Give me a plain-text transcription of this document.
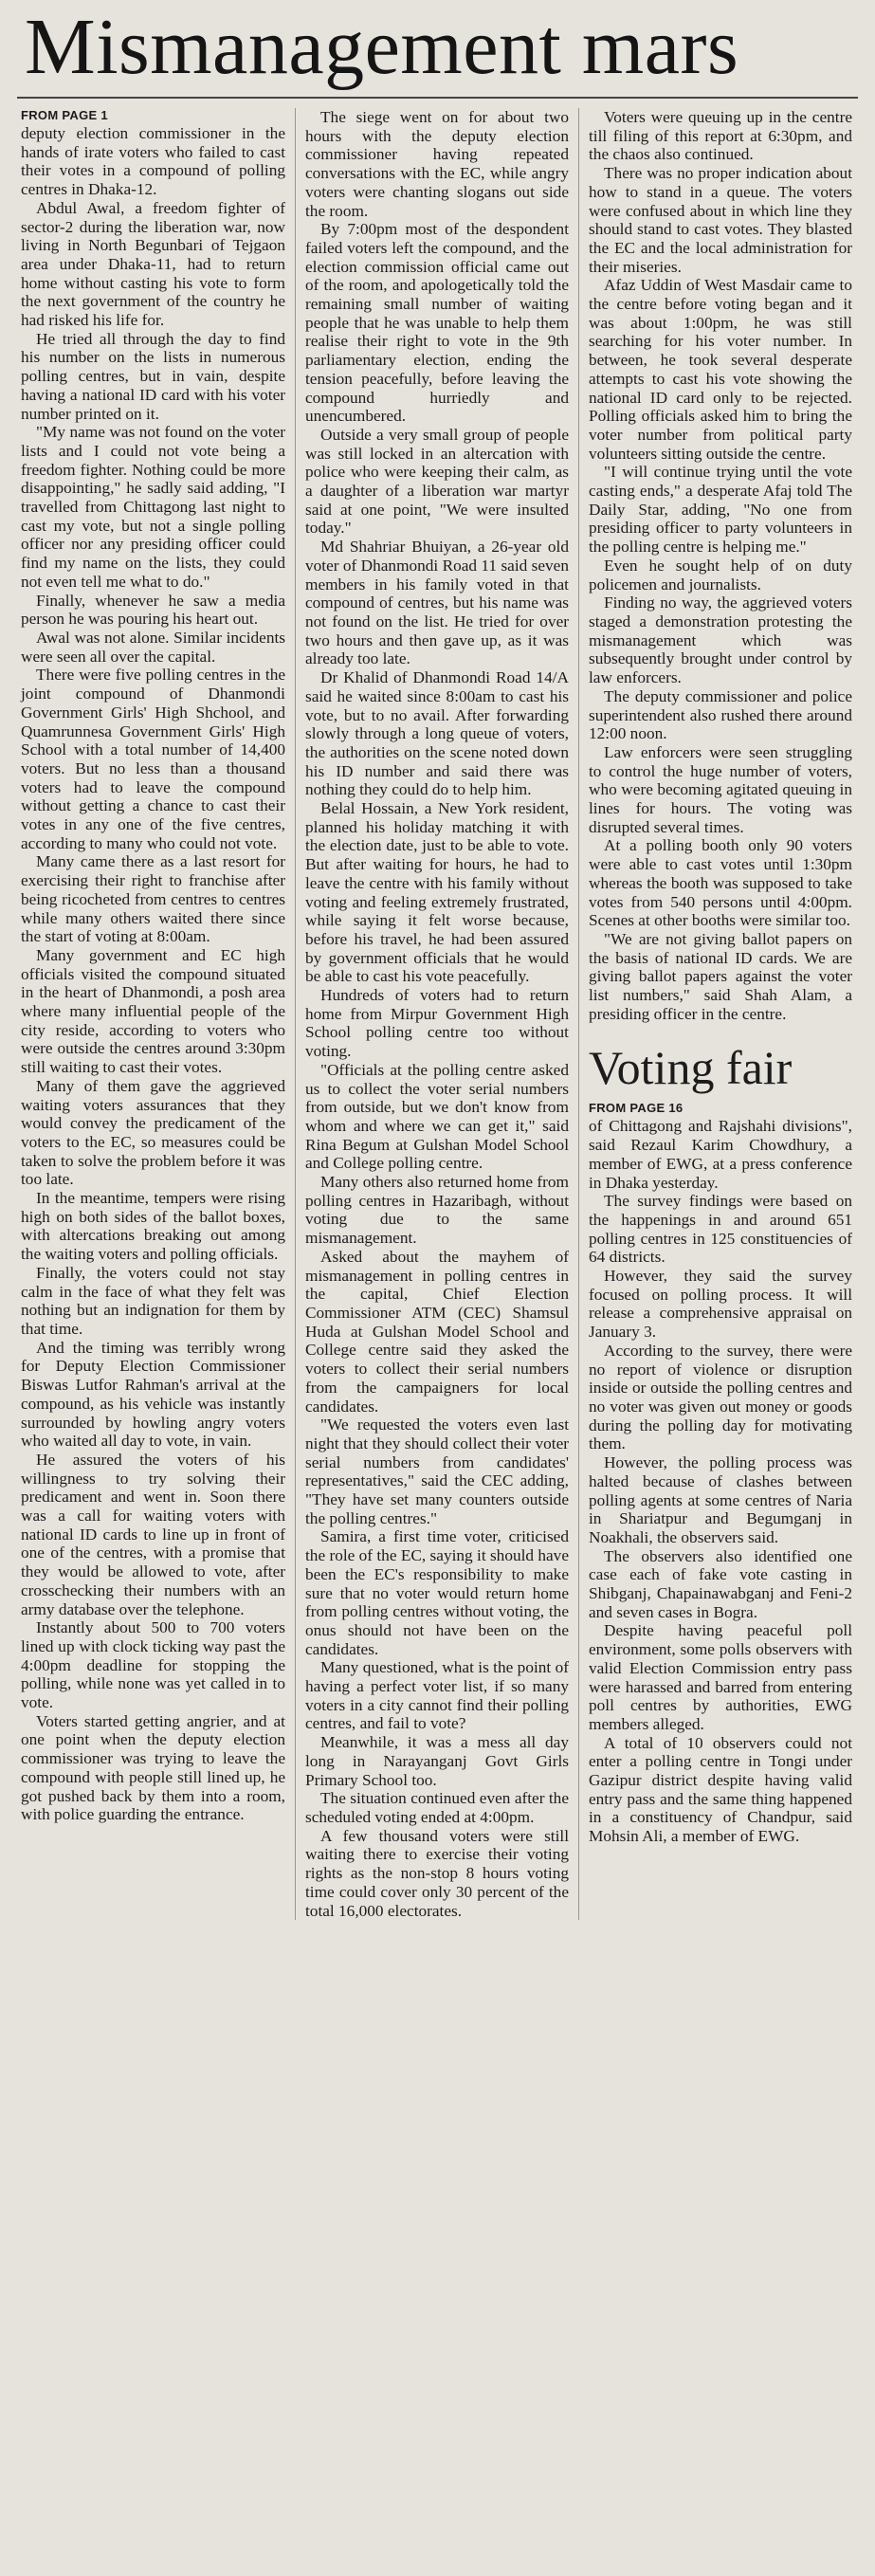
Mismanagement mars
FROM PAGE 1

deputy election commissioner in the hands of irate voters who failed to cast their votes in a compound of polling centres in Dhaka-12.

Abdul Awal, a freedom fighter of sector-2 during the liberation war, now living in North Begunbari of Tejgaon area under Dhaka-11, had to return home without casting his vote to form the next government of the country he had risked his life for.

He tried all through the day to find his number on the lists in numerous polling centres, but in vain, despite having a national ID card with his voter number printed on it.

"My name was not found on the voter lists and I could not vote being a freedom fighter. Nothing could be more disappointing," he sadly said adding, "I travelled from Chittagong last night to cast my vote, but not a single polling officer nor any presiding officer could find my name on the lists, they could not even tell me what to do."

Finally, whenever he saw a media person he was pouring his heart out.

Awal was not alone. Similar incidents were seen all over the capital.

There were five polling centres in the joint compound of Dhanmondi Government Girls' High Shchool, and Quamrunnesa Government Girls' High School with a total number of 14,400 voters. But no less than a thousand voters had to leave the compound without getting a chance to cast their votes in any one of the five centres, according to many who could not vote.

Many came there as a last resort for exercising their right to franchise after being ricocheted from centres to centres while many others waited there since the start of voting at 8:00am.

Many government and EC high officials visited the compound situated in the heart of Dhanmondi, a posh area where many influential people of the city reside, according to voters who were outside the centres around 3:30pm still waiting to cast their votes.

Many of them gave the aggrieved waiting voters assurances that they would convey the predicament of the voters to the EC, so measures could be taken to solve the problem before it was too late.

In the meantime, tempers were rising high on both sides of the ballot boxes, with altercations breaking out among the waiting voters and polling officials.

Finally, the voters could not stay calm in the face of what they felt was nothing but an indignation for them by that time.

And the timing was terribly wrong for Deputy Election Commissioner Biswas Lutfor Rahman's arrival at the compound, as his vehicle was instantly surrounded by howling angry voters who waited all day to vote, in vain.

He assured the voters of his willingness to try solving their predicament and went in. Soon there was a call for waiting voters with national ID cards to line up in front of one of the centres, with a promise that they would be allowed to vote, after crosschecking their numbers with an army database over the telephone.

Instantly about 500 to 700 voters lined up with clock ticking way past the 4:00pm deadline for stopping the polling, while none was yet called in to vote.

Voters started getting angrier, and at one point when the deputy election commissioner was trying to leave the compound with people still lined up, he got pushed back by them into a room, with police guarding the entrance.

The siege went on for about two hours with the deputy election commissioner having repeated conversations with the EC, while angry voters were chanting slogans out side the room.

By 7:00pm most of the despondent failed voters left the compound, and the election commission official came out of the room, and apologetically told the remaining small number of waiting people that he was unable to help them realise their right to vote in the 9th parliamentary election, ending the tension peacefully, before leaving the compound hurriedly and unencumbered.

Outside a very small group of people was still locked in an altercation with police who were keeping their calm, as a daughter of a liberation war martyr said at one point, "We were insulted today."

Md Shahriar Bhuiyan, a 26-year old voter of Dhanmondi Road 11 said seven members in his family voted in that compound of centres, but his name was not found on the list. He tried for over two hours and then gave up, as it was already too late.

Dr Khalid of Dhanmondi Road 14/A said he waited since 8:00am to cast his vote, but to no avail. After forwarding slowly through a long queue of voters, the authorities on the scene noted down his ID number and said there was nothing they could do to help him.

Belal Hossain, a New York resident, planned his holiday matching it with the election date, just to be able to vote. But after waiting for hours, he had to leave the centre with his family without voting and feeling extremely frustrated, while saying it felt worse because, before his travel, he had been assured by government officials that he would be able to cast his vote peacefully.

Hundreds of voters had to return home from Mirpur Government High School polling centre too without voting.

"Officials at the polling centre asked us to collect the voter serial numbers from outside, but we don't know from whom and where we can get it," said Rina Begum at Gulshan Model School and College polling centre.

Many others also returned home from polling centres in Hazaribagh, without voting due to the same mismanagement.

Asked about the mayhem of mismanagement in polling centres in the capital, Chief Election Commissioner ATM (CEC) Shamsul Huda at Gulshan Model School and College centre said they asked the voters to collect their serial numbers from the campaigners for local candidates.

"We requested the voters even last night that they should collect their voter serial numbers from candidates' representatives," said the CEC adding, "They have set many counters outside the polling centres."

Samira, a first time voter, criticised the role of the EC, saying it should have been the EC's responsibility to make sure that no voter would return home from polling centres without voting, the onus should not have been on the candidates.

Many questioned, what is the point of having a perfect voter list, if so many voters in a city cannot find their polling centres, and fail to vote?

Meanwhile, it was a mess all day long in Narayanganj Govt Girls Primary School too.

The situation continued even after the scheduled voting ended at 4:00pm.

A few thousand voters were still waiting there to exercise their voting rights as the non-stop 8 hours voting time could cover only 30 percent of the total 16,000 electorates.

Voters were queuing up in the centre till filing of this report at 6:30pm, and the chaos also continued.

There was no proper indication about how to stand in a queue. The voters were confused about in which line they should stand to cast votes. They blasted the EC and the local administration for their miseries.

Afaz Uddin of West Masdair came to the centre before voting began and it was about 1:00pm, he was still searching for his voter number. In between, he took several desperate attempts to cast his vote showing the national ID card only to be rejected. Polling officials asked him to bring the voter number from political party volunteers sitting outside the centre.

"I will continue trying until the vote casting ends," a desperate Afaj told The Daily Star, adding, "No one from presiding officer to party volunteers in the polling centre is helping me."

Even he sought help of on duty policemen and journalists.

Finding no way, the aggrieved voters staged a demonstration protesting the mismanagement which was subsequently brought under control by law enforcers.

The deputy commissioner and police superintendent also rushed there around 12:00 noon.

Law enforcers were seen struggling to control the huge number of voters, who were becoming agitated queuing in lines for hours. The voting was disrupted several times.

At a polling booth only 90 voters were able to cast votes until 1:30pm whereas the booth was supposed to take votes from 540 persons until 4:00pm. Scenes at other booths were similar too.

"We are not giving ballot papers on the basis of national ID cards. We are giving ballot papers against the voter list numbers," said Shah Alam, a presiding officer in the centre.

Voting fair
FROM PAGE 16

of Chittagong and Rajshahi divisions", said Rezaul Karim Chowdhury, a member of EWG, at a press conference in Dhaka yesterday.

The survey findings were based on the happenings in and around 651 polling centres in 125 constituencies of 64 districts.

However, they said the survey focused on polling process. It will release a comprehensive appraisal on January 3.

According to the survey, there were no report of violence or disruption inside or outside the polling centres and no voter was given out money or goods during the polling day for motivating them.

However, the polling process was halted because of clashes between polling agents at some centres of Naria in Shariatpur and Begumganj in Noakhali, the observers said.

The observers also identified one case each of fake vote casting in Shibganj, Chapainawabganj and Feni-2 and seven cases in Bogra.

Despite having peaceful poll environment, some polls observers with valid Election Commission entry pass were harassed and barred from entering poll centres by authorities, EWG members alleged.

A total of 10 observers could not enter a polling centre in Tongi under Gazipur district despite having valid entry pass and the same thing happened in a constituency of Chandpur, said Mohsin Ali, a member of EWG.
